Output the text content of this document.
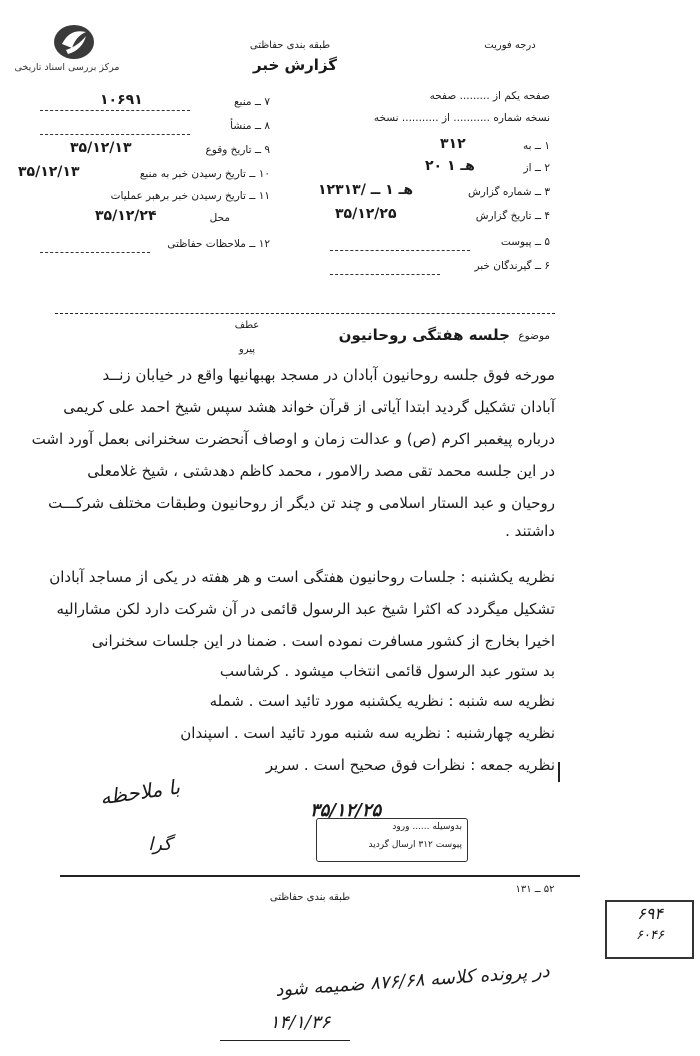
مرکز بررسی اسناد تاریخی
طبقه بندی حفاظتی	درجه فوریت
گزارش خبر
صفحه یکم از ......... صفحه
نسخه شماره ........... از ........... نسخه
۷ ــ منبع
۱۰۶۹۱
۸ ــ منشأ
۹ ــ تاریخ وقوع
۳۵/۱۲/۱۳
۱۰ ــ تاریخ رسیدن خبر به منبع
۳۵/۱۲/۱۳
۱۱ ــ تاریخ رسیدن خبر برهبر عملیات
محل
۳۵/۱۲/۲۴
۱۲ ــ ملاحظات حفاظتی
۱ ــ به
۳۱۲
۲ ــ از
۲۰ هـ ۱
۳ ــ شماره گزارش
۱۲۳۱۳/ هـ ۱ ــ
۴ ــ تاریخ گزارش
۳۵/۱۲/۲۵
۵ ــ پیوست
۶ ــ گیرندگان خبر
عطف
پیرو
موضوع
جلسه هفتگی روحانیون
مورخه فوق جلسه روحانیون آبادان در مسجد بهبهانیها واقع در خیابان زنــد
آبادان تشکیل گردید ابتدا آیاتی از قرآن خواند هشد سپس شیخ احمد علی کریمی
درباره پیغمبر اکرم (ص) و عدالت زمان و اوصاف آنحضرت سخنرانی بعمل آورد اشت
در این جلسه محمد تقی مصد رالامور ، محمد کاظم دهدشتی ، شیخ غلامعلی
روحیان و عبد الستار اسلامی و چند تن دیگر از روحانیون وطبقات مختلف شرکـــت
داشتند .
نظریه یکشنبه : جلسات روحانیون هفتگی است و هر هفته در یکی از مساجد آبادان
تشکیل میگردد که اکثرا شیخ عبد الرسول قائمی در آن شرکت دارد لکن مشارالیه
اخیرا بخارج از کشور مسافرت نموده است . ضمنا در این جلسات سخنرانی
بد ستور عبد الرسول قائمی انتخاب میشود . کرشاسب
نظریه سه شنبه : نظریه یکشنبه مورد تائید است . شمله
نظریه چهارشنبه : نظریه سه شنبه مورد تائید است . اسپندان
نظریه جمعه : نظرات فوق صحیح است . سریر
با ملاحظه
گرا
۳۵/۱۲/۲۵
بدوسیله ...... ورود
پیوست ۳۱۲ ارسال گردید
طبقه بندی حفاظتی
۵۲ ــ ۱۳۱
۶۹۴
۶۰۴۶
در پرونده کلاسه ۸۷۶/۶۸ ضمیمه شود
۱۴/۱/۳۶
